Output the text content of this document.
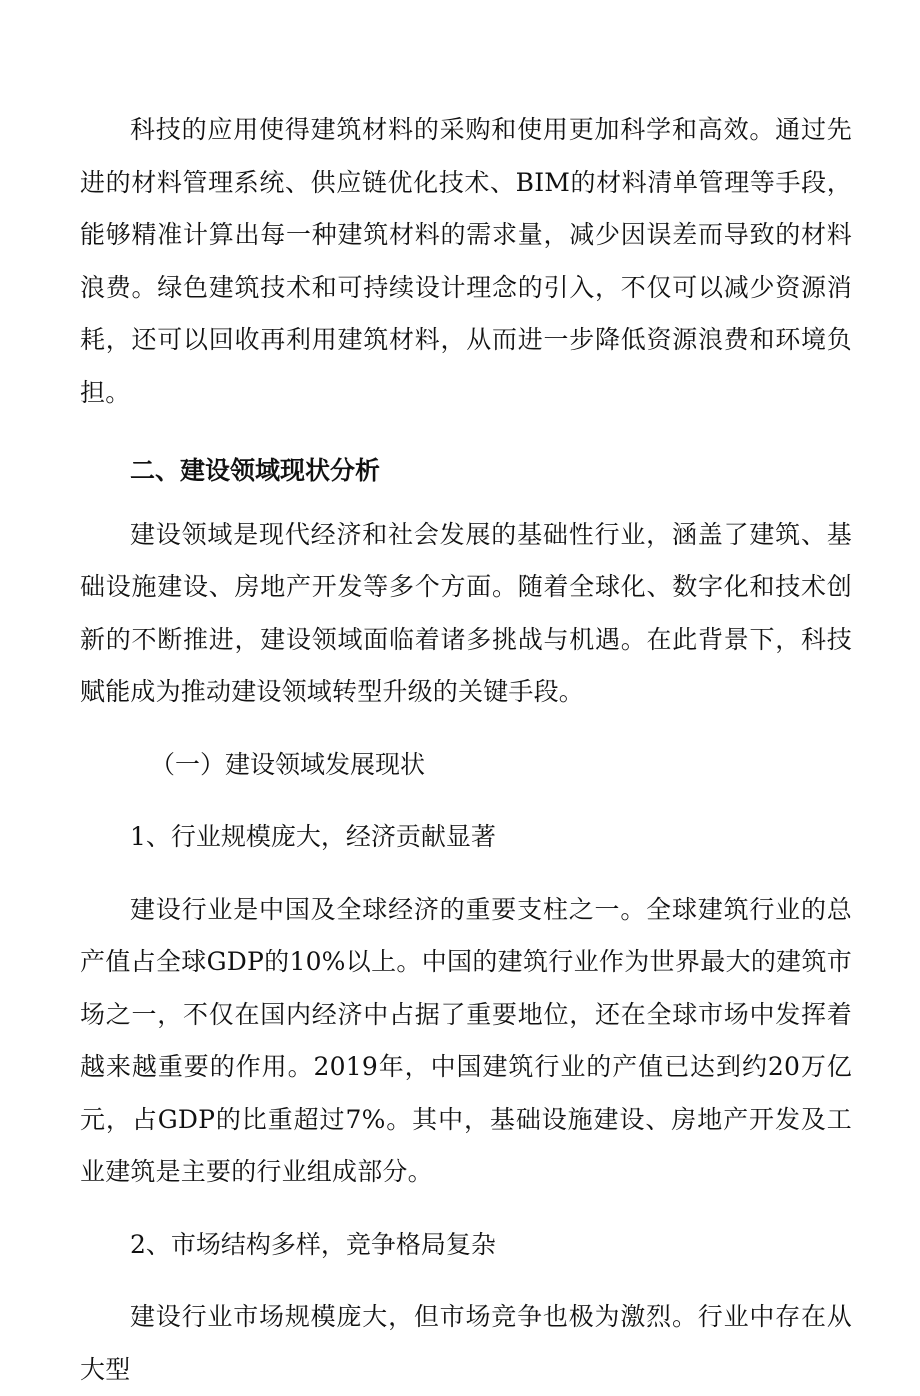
科技的应用使得建筑材料的采购和使用更加科学和高效。通过先进的材料管理系统、供应链优化技术、BIM的材料清单管理等手段，能够精准计算出每一种建筑材料的需求量，减少因误差而导致的材料浪费。绿色建筑技术和可持续设计理念的引入，不仅可以减少资源消耗，还可以回收再利用建筑材料，从而进一步降低资源浪费和环境负担。

二、建设领域现状分析

建设领域是现代经济和社会发展的基础性行业，涵盖了建筑、基础设施建设、房地产开发等多个方面。随着全球化、数字化和技术创新的不断推进，建设领域面临着诸多挑战与机遇。在此背景下，科技赋能成为推动建设领域转型升级的关键手段。

（一）建设领域发展现状

1、行业规模庞大，经济贡献显著

建设行业是中国及全球经济的重要支柱之一。全球建筑行业的总产值占全球GDP的10%以上。中国的建筑行业作为世界最大的建筑市场之一，不仅在国内经济中占据了重要地位，还在全球市场中发挥着越来越重要的作用。2019年，中国建筑行业的产值已达到约20万亿元，占GDP的比重超过7%。其中，基础设施建设、房地产开发及工业建筑是主要的行业组成部分。

2、市场结构多样，竞争格局复杂

建设行业市场规模庞大，但市场竞争也极为激烈。行业中存在从大型
